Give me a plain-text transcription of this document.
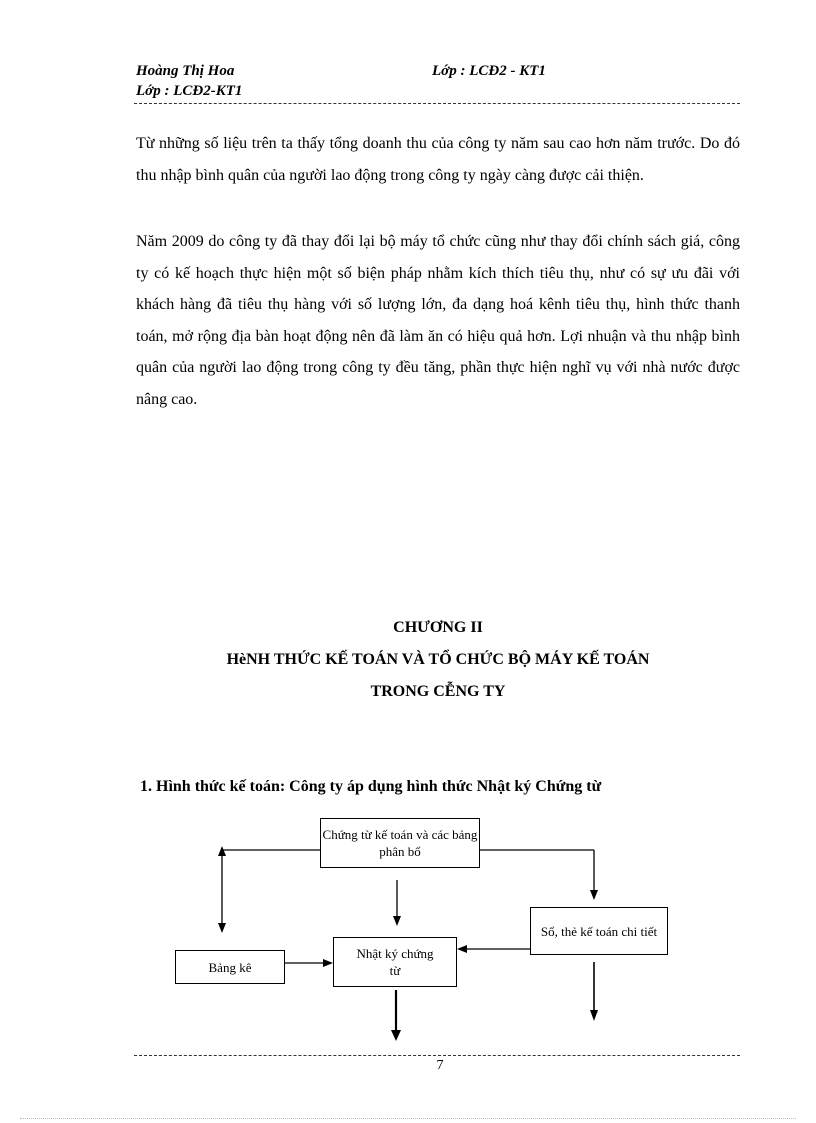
Hoàng Thị Hoa	Lớp : LCĐ2 - KT1
Lớp : LCĐ2-KT1

Từ những số liệu trên ta thấy tổng doanh thu của công ty năm sau cao hơn năm trước. Do đó thu nhập bình quân của người lao động trong công ty ngày càng được cải thiện.

Năm 2009 do công ty đã thay đổi lại bộ máy tổ chức cũng như thay đổi chính sách giá, công ty có kế hoạch thực hiện một số biện pháp nhằm kích thích tiêu thụ, như có sự ưu đãi với khách hàng đã tiêu thụ hàng với số lượng lớn, đa dạng hoá kênh tiêu thụ, hình thức thanh toán, mở rộng địa bàn hoạt động nên đã làm ăn có hiệu quả hơn. Lợi nhuận và thu nhập bình quân của người lao động trong công ty đều tăng, phần thực hiện nghĩ vụ với nhà nước được nâng cao.

CHƯƠNG II
HèNH THỨC KẾ TOÁN VÀ TỔ CHỨC BỘ MÁY KẾ TOÁN
TRONG CỄNG TY
1. Hình thức kế toán: Công ty áp dụng hình thức Nhật ký Chứng từ
Chứng từ kế toán và các bảng phân bổ
Sổ, thẻ kế toán chi tiết
Bảng kê
Nhật ký chứng từ
7
